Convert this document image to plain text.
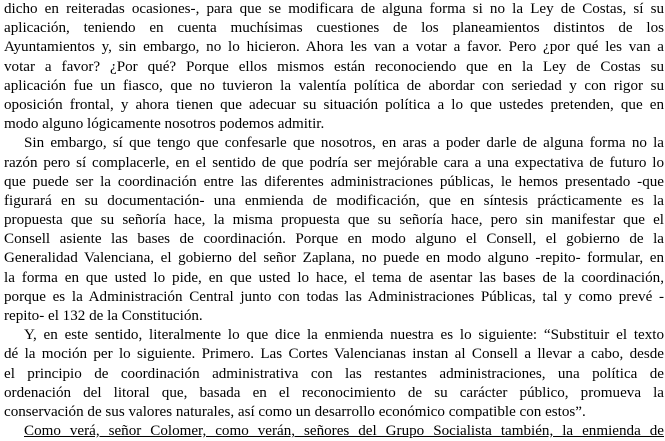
dicho en reiteradas ocasiones-, para que se modificara de alguna forma si no la Ley de Costas, sí su
aplicación, teniendo en cuenta muchísimas cuestiones de los planeamientos distintos de los
Ayuntamientos y, sin embargo, no lo hicieron. Ahora les van a votar a favor. Pero ¿por qué les van a
votar a favor? ¿Por qué? Porque ellos mismos están reconociendo que en la Ley de Costas su
aplicación fue un fiasco, que no tuvieron la valentía política de abordar con seriedad y con rigor su
oposición frontal, y ahora tienen que adecuar su situación política a lo que ustedes pretenden, que en
modo alguno lógicamente nosotros podemos admitir.
Sin embargo, sí que tengo que confesarle que nosotros, en aras a poder darle de alguna forma no la
razón pero sí complacerle, en el sentido de que podría ser mejórable cara a una expectativa de futuro lo
que puede ser la coordinación entre las diferentes administraciones públicas, le hemos presentado -que
figurará en su documentación- una enmienda de modificación, que en síntesis prácticamente es la
propuesta que su señoría hace, la misma propuesta que su señoría hace, pero sin manifestar que el
Consell asiente las bases de coordinación. Porque en modo alguno el Consell, el gobierno de la
Generalidad Valenciana, el gobierno del señor Zaplana, no puede en modo alguno -repito- formular, en
la forma en que usted lo pide, en que usted lo hace, el tema de asentar las bases de la coordinación,
porque es la Administración Central junto con todas las Administraciones Públicas, tal y como prevé -
repito- el 132 de la Constitución.
Y, en este sentido, literalmente lo que dice la enmienda nuestra es lo siguiente: “Substituir el texto
dé la moción per lo siguiente. Primero. Las Cortes Valencianas instan al Consell a llevar a cabo, desde
el principio de coordinación administrativa con las restantes administraciones, una política de
ordenación del litoral que, basada en el reconocimiento de su carácter público, promueva la
conservación de sus valores naturales, así como un desarrollo económico compatible con estos”.
Como verá, señor Colomer, como verán, señores del Grupo Socialista también, la enmienda de
